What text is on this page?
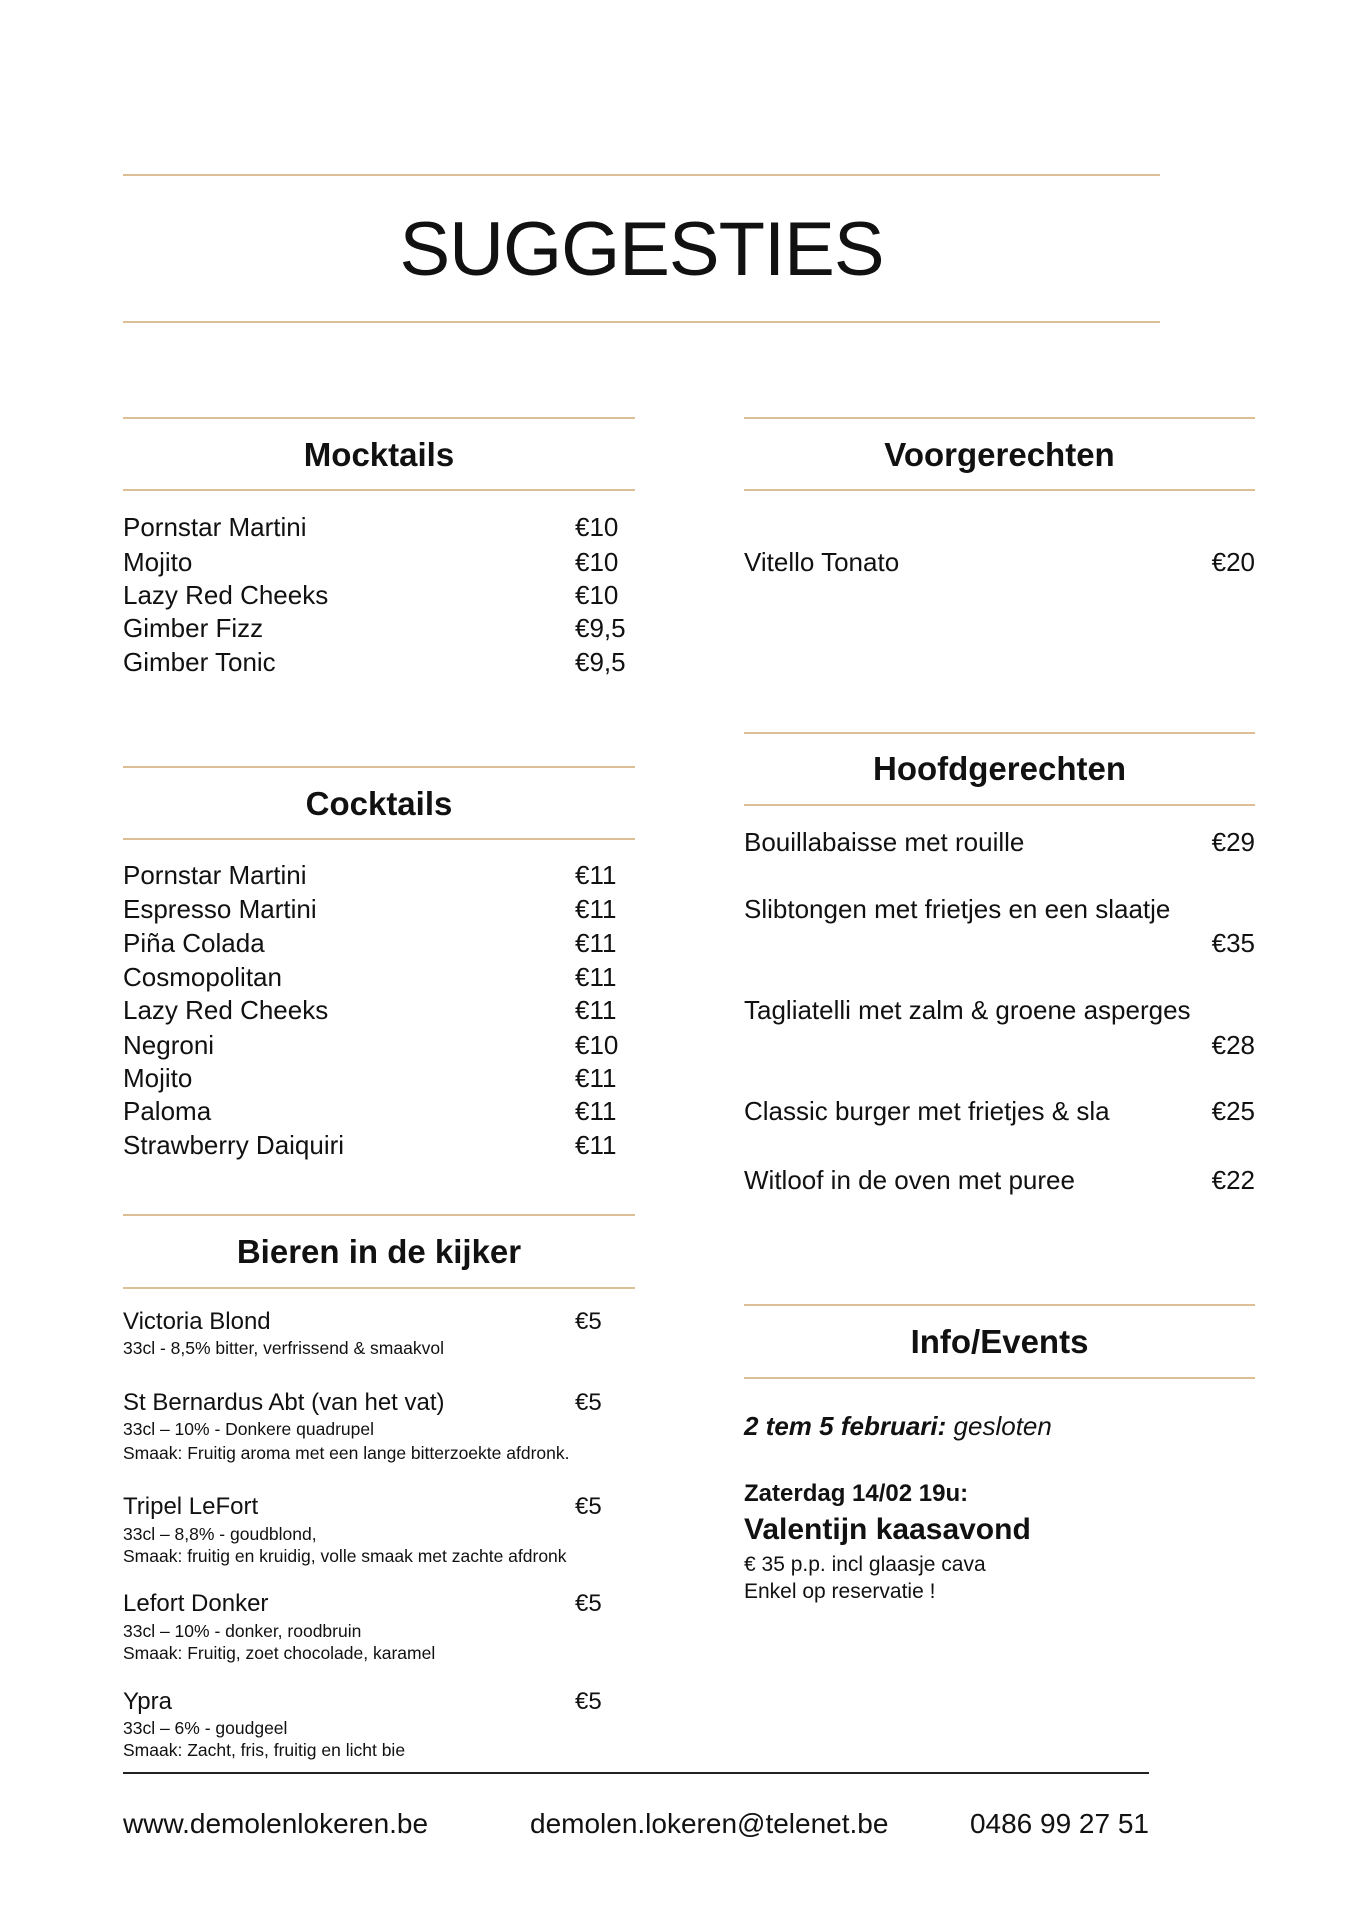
SUGGESTIES
Mocktails
Pornstar Martini	€10
Mojito	€10
Lazy Red Cheeks	€10
Gimber Fizz	€9,5
Gimber Tonic	€9,5
Cocktails
Pornstar Martini	€11
Espresso Martini	€11
Piña Colada	€11
Cosmopolitan	€11
Lazy Red Cheeks	€11
Negroni	€10
Mojito	€11
Paloma	€11
Strawberry Daiquiri	€11
Bieren in de kijker
Victoria Blond	€5
33cl - 8,5% bitter, verfrissend & smaakvol
St Bernardus Abt (van het vat)	€5
33cl – 10% - Donkere quadrupel
Smaak: Fruitig aroma met een lange bitterzoekte afdronk.
Tripel LeFort	€5
33cl – 8,8% - goudblond,
Smaak: fruitig en kruidig, volle smaak met zachte afdronk
Lefort Donker	€5
33cl – 10% - donker, roodbruin
Smaak: Fruitig, zoet chocolade, karamel
Ypra	€5
33cl – 6% - goudgeel
Smaak: Zacht, fris, fruitig en licht bie
Voorgerechten
Vitello Tonato	€20
Hoofdgerechten
Bouillabaisse met rouille	€29
Slibtongen met frietjes en een slaatje
€35
Tagliatelli met zalm & groene asperges
€28
Classic burger met frietjes & sla	€25
Witloof in de oven met puree	€22
Info/Events
2 tem 5 februari: gesloten
Zaterdag 14/02 19u:
Valentijn kaasavond
€ 35 p.p. incl glaasje cava
Enkel op reservatie !
www.demolenlokeren.be	demolen.lokeren@telenet.be	0486 99 27 51
